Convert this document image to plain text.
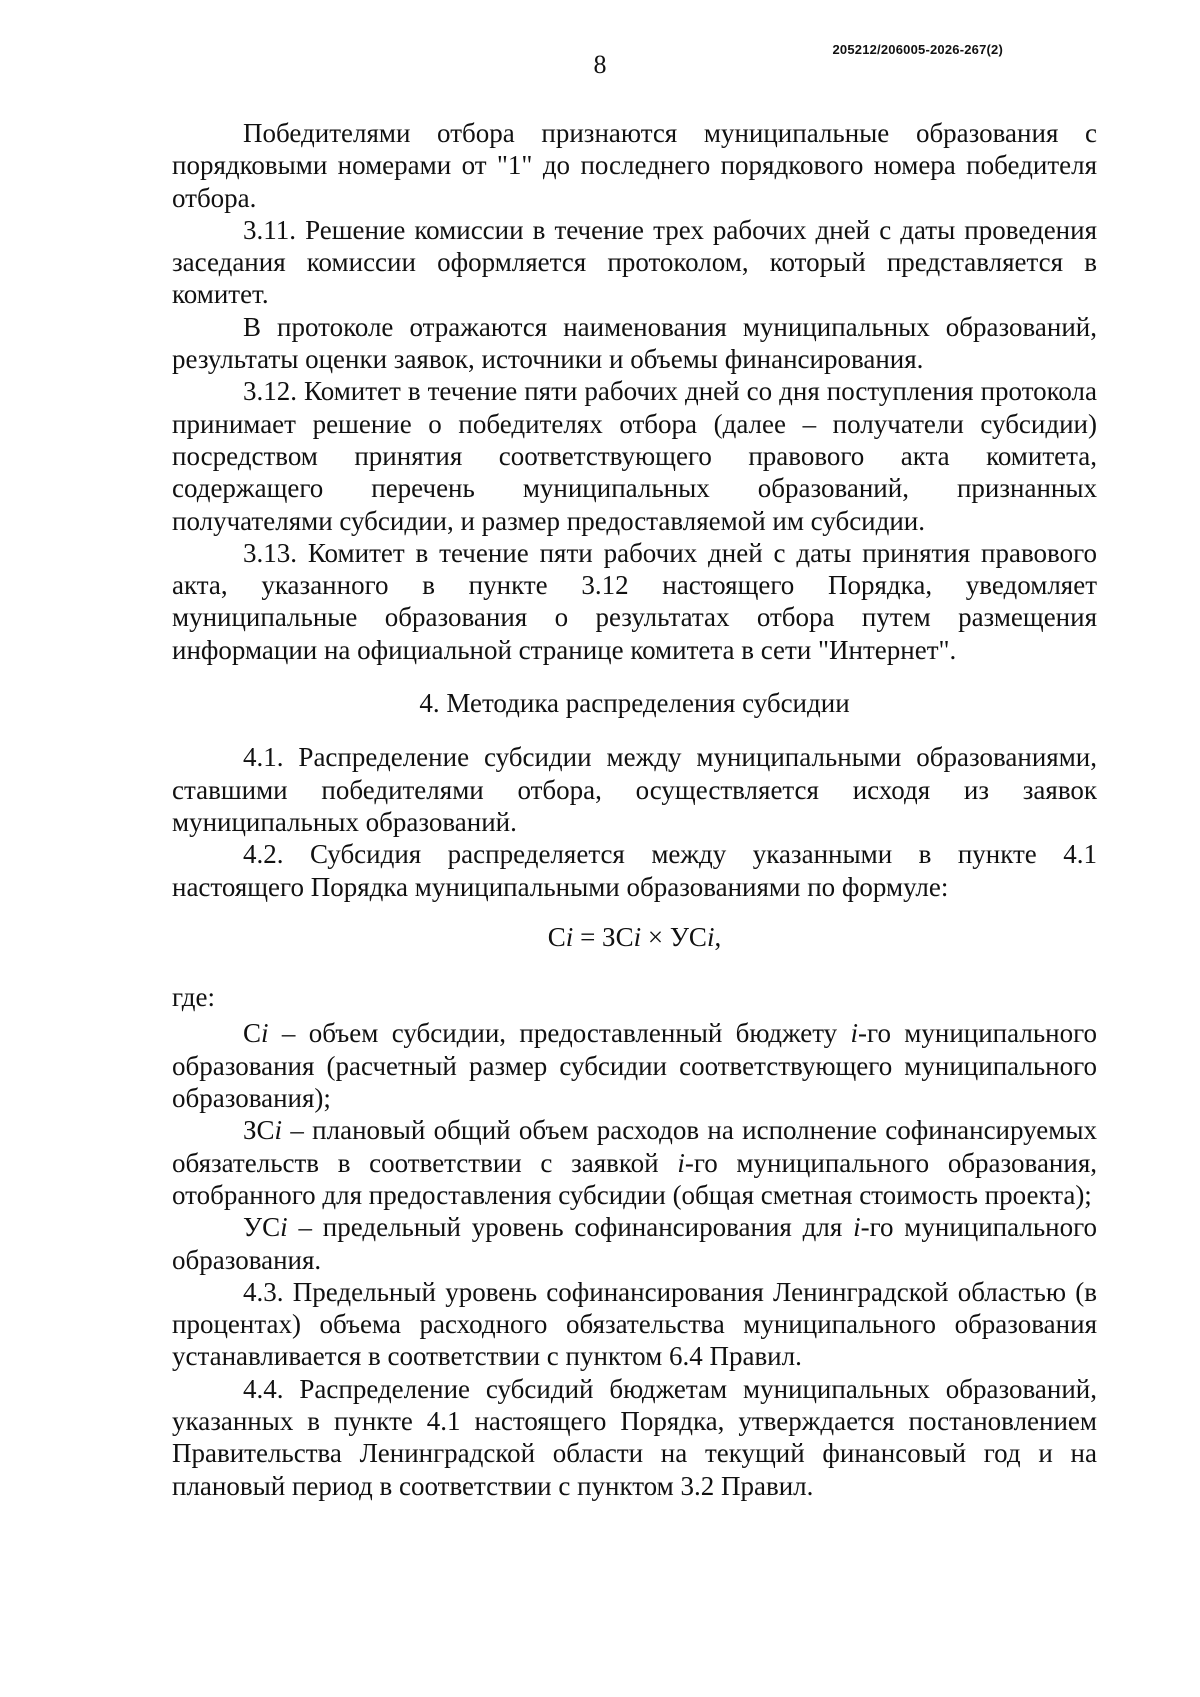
8
205212/206005-2026-267(2)

Победителями отбора признаются муниципальные образования с порядковыми номерами от "1" до последнего порядкового номера победителя отбора.

3.11. Решение комиссии в течение трех рабочих дней с даты проведения заседания комиссии оформляется протоколом, который представляется в комитет.

В протоколе отражаются наименования муниципальных образований, результаты оценки заявок, источники и объемы финансирования.

3.12. Комитет в течение пяти рабочих дней со дня поступления протокола принимает решение о победителях отбора (далее – получатели субсидии) посредством принятия соответствующего правового акта комитета, содержащего перечень муниципальных образований, признанных получателями субсидии, и размер предоставляемой им субсидии.

3.13. Комитет в течение пяти рабочих дней с даты принятия правового акта, указанного в пункте 3.12 настоящего Порядка, уведомляет муниципальные образования о результатах отбора путем размещения информации на официальной странице комитета в сети "Интернет".

4. Методика распределения субсидии

4.1. Распределение субсидии между муниципальными образованиями, ставшими победителями отбора, осуществляется исходя из заявок муниципальных образований.

4.2. Субсидия распределяется между указанными в пункте 4.1 настоящего Порядка муниципальными образованиями по формуле:

Сi = ЗСi × УСi,

где:

Сi – объем субсидии, предоставленный бюджету i-го муниципального образования (расчетный размер субсидии соответствующего муниципального образования);

ЗСi – плановый общий объем расходов на исполнение софинансируемых обязательств в соответствии с заявкой i-го муниципального образования, отобранного для предоставления субсидии (общая сметная стоимость проекта);

УСi – предельный уровень софинансирования для i-го муниципального образования.

4.3. Предельный уровень софинансирования Ленинградской областью (в процентах) объема расходного обязательства муниципального образования устанавливается в соответствии с пунктом 6.4 Правил.

4.4. Распределение субсидий бюджетам муниципальных образований, указанных в пункте 4.1 настоящего Порядка, утверждается постановлением Правительства Ленинградской области на текущий финансовый год и на плановый период в соответствии с пунктом 3.2 Правил.
